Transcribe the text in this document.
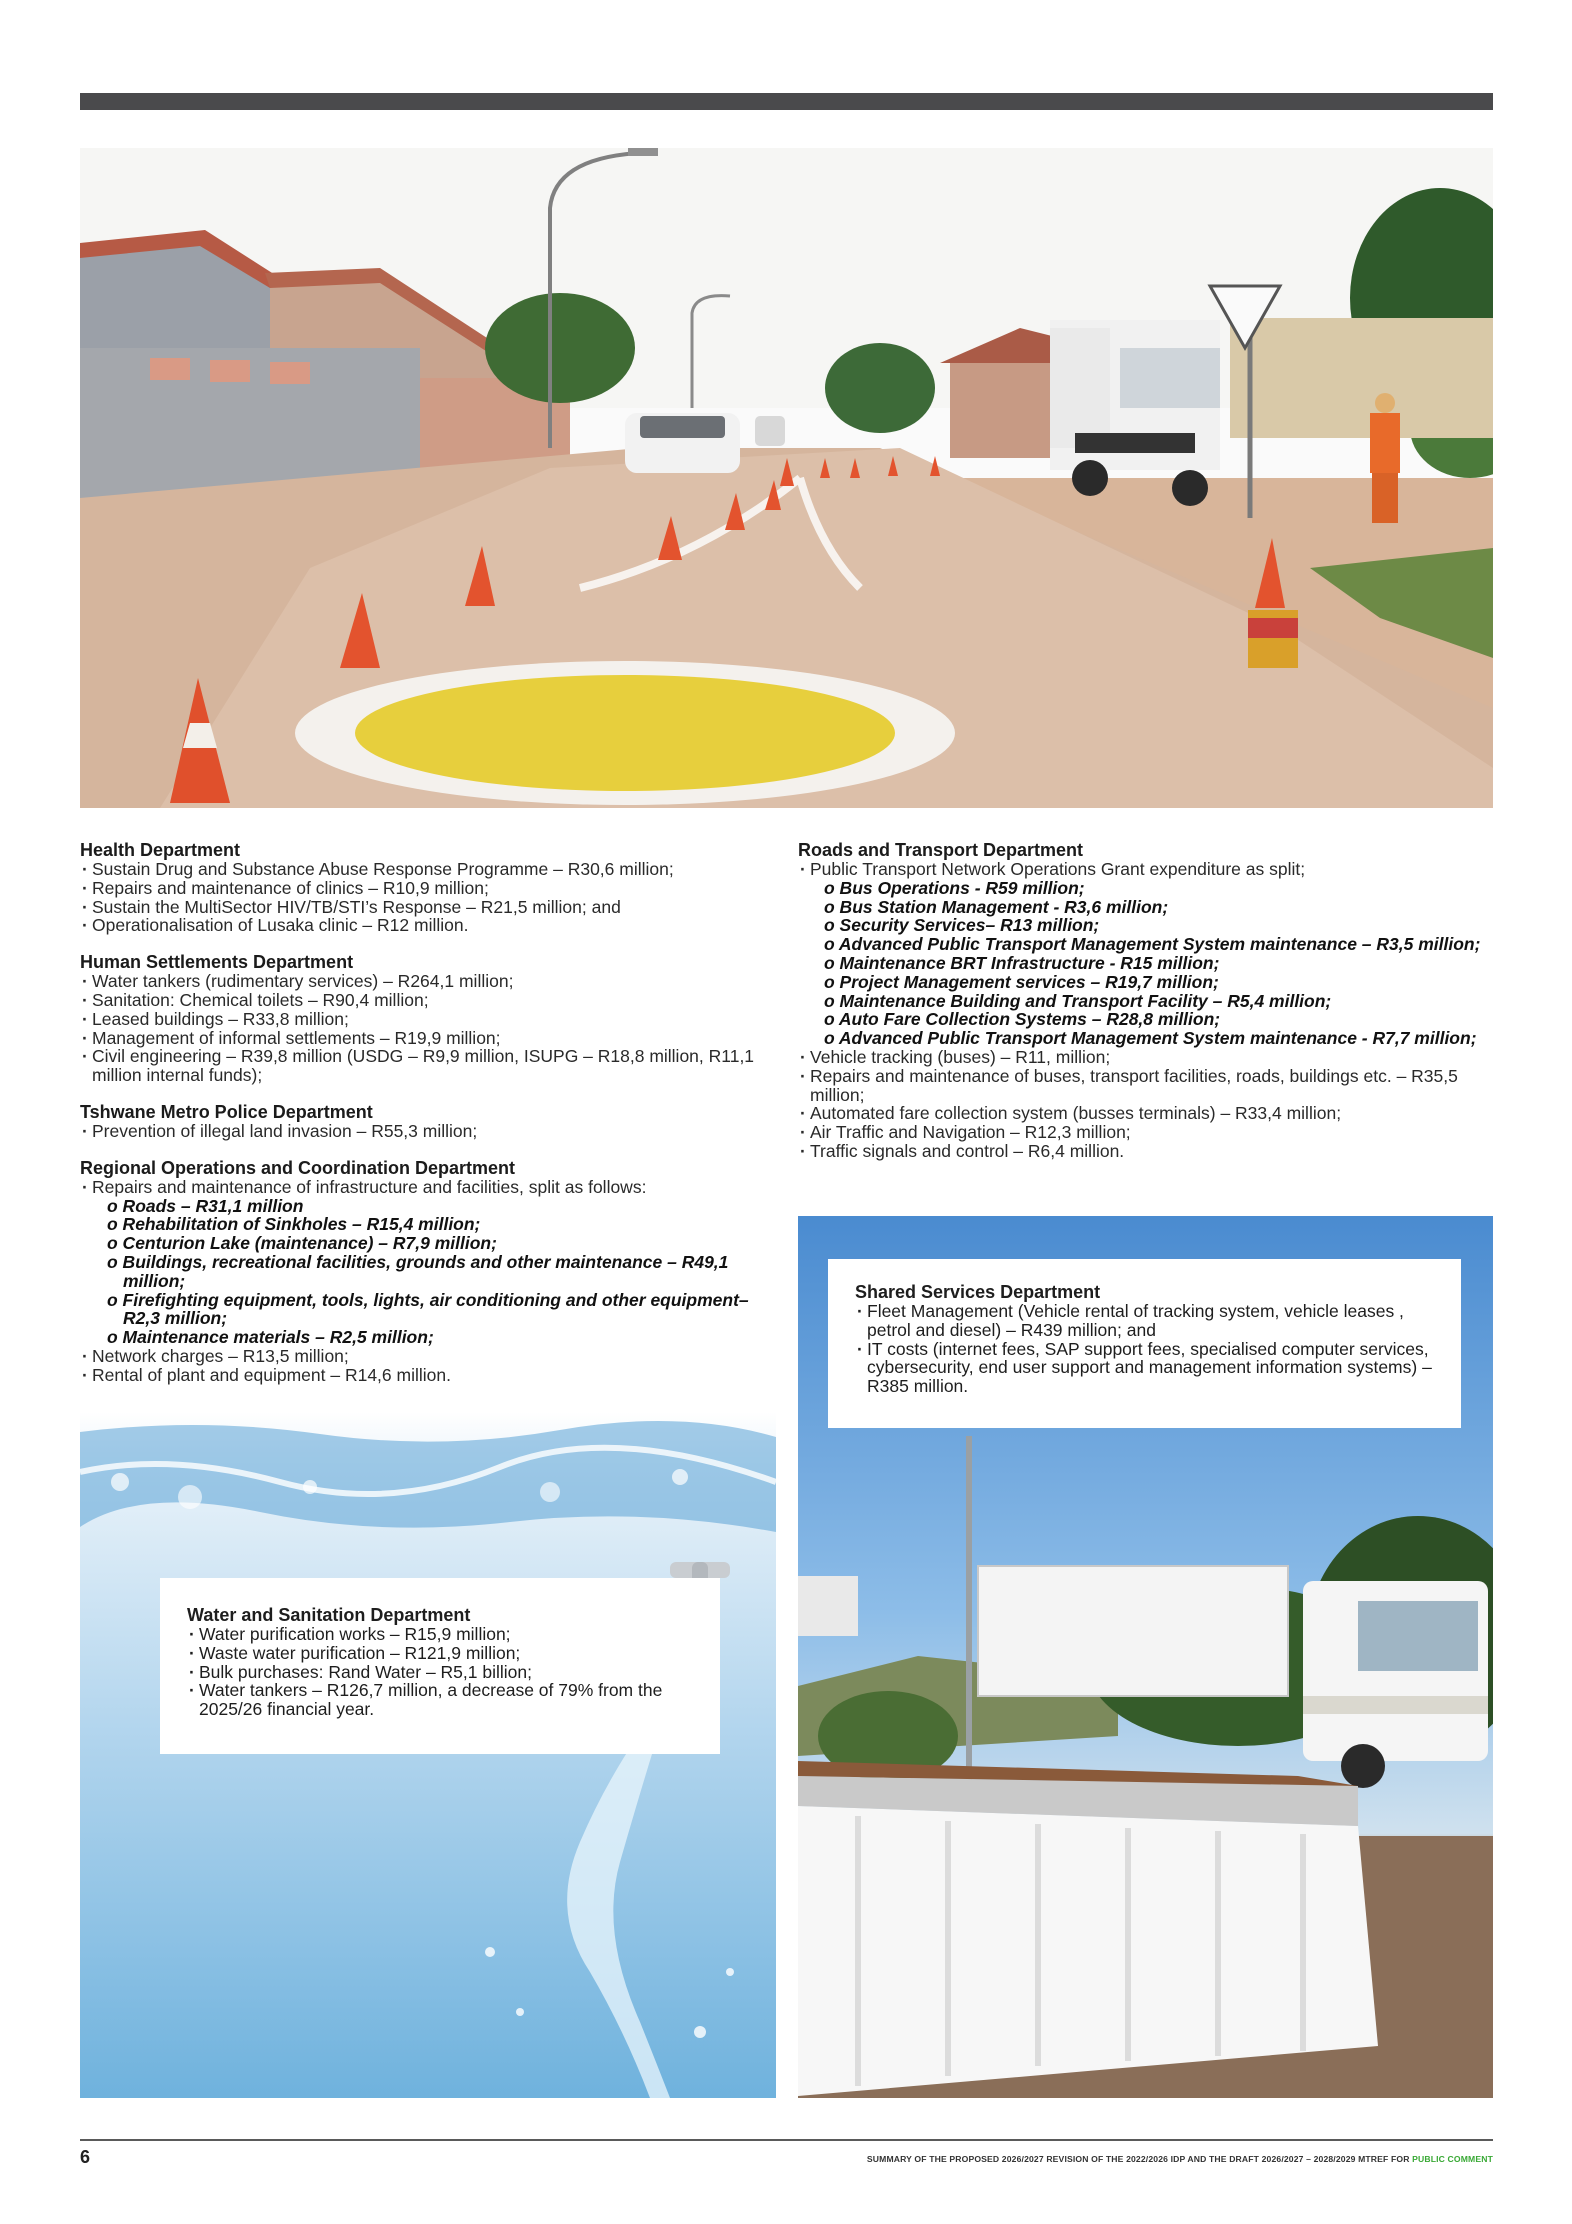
Health Department
· Sustain Drug and Substance Abuse Response Programme – R30,6 million;
· Repairs and maintenance of clinics – R10,9 million;
· Sustain the MultiSector HIV/TB/STI’s Response – R21,5 million; and
· Operationalisation of Lusaka clinic – R12 million.
Human Settlements Department
· Water tankers (rudimentary services) – R264,1 million;
· Sanitation: Chemical toilets – R90,4 million;
· Leased buildings – R33,8 million;
· Management of informal settlements – R19,9 million;
· Civil engineering – R39,8 million (USDG – R9,9 million, ISUPG – R18,8 million, R11,1 million internal funds);
Tshwane Metro Police Department
· Prevention of illegal land invasion – R55,3 million;
Regional Operations and Coordination Department
· Repairs and maintenance of infrastructure and facilities, split as follows:
o Roads – R31,1 million
o Rehabilitation of Sinkholes – R15,4 million;
o Centurion Lake (maintenance) – R7,9 million;
o Buildings, recreational facilities, grounds and other maintenance – R49,1 million;
o Firefighting equipment, tools, lights, air conditioning and other equipment– R2,3 million;
o Maintenance materials – R2,5 million;
· Network charges – R13,5 million;
· Rental of plant and equipment – R14,6 million.
Roads and Transport Department
· Public Transport Network Operations Grant expenditure as split;
o Bus Operations - R59 million;
o Bus Station Management - R3,6 million;
o Security Services– R13 million;
o Advanced Public Transport Management System maintenance – R3,5 million;
o Maintenance BRT Infrastructure - R15 million;
o Project Management services – R19,7 million;
o Maintenance Building and Transport Facility – R5,4 million;
o Auto Fare Collection Systems – R28,8 million;
o Advanced Public Transport Management System maintenance - R7,7 million;
· Vehicle tracking (buses) – R11, million;
· Repairs and maintenance of buses, transport facilities, roads, buildings etc. – R35,5 million;
· Automated fare collection system (busses terminals) – R33,4 million;
· Air Traffic and Navigation – R12,3 million;
· Traffic signals and control – R6,4 million.
Water and Sanitation Department
· Water purification works – R15,9 million;
· Waste water purification – R121,9 million;
· Bulk purchases: Rand Water – R5,1 billion;
· Water tankers – R126,7 million, a decrease of 79% from the 2025/26 financial year.
Shared Services Department
· Fleet Management (Vehicle rental of tracking system, vehicle leases , petrol and diesel) – R439 million; and
· IT costs (internet fees, SAP support fees, specialised computer services, cybersecurity, end user support and management information systems) –R385 million.
6	SUMMARY OF THE PROPOSED 2026/2027 REVISION OF THE 2022/2026 IDP AND THE DRAFT 2026/2027 – 2028/2029 MTREF FOR PUBLIC COMMENT
